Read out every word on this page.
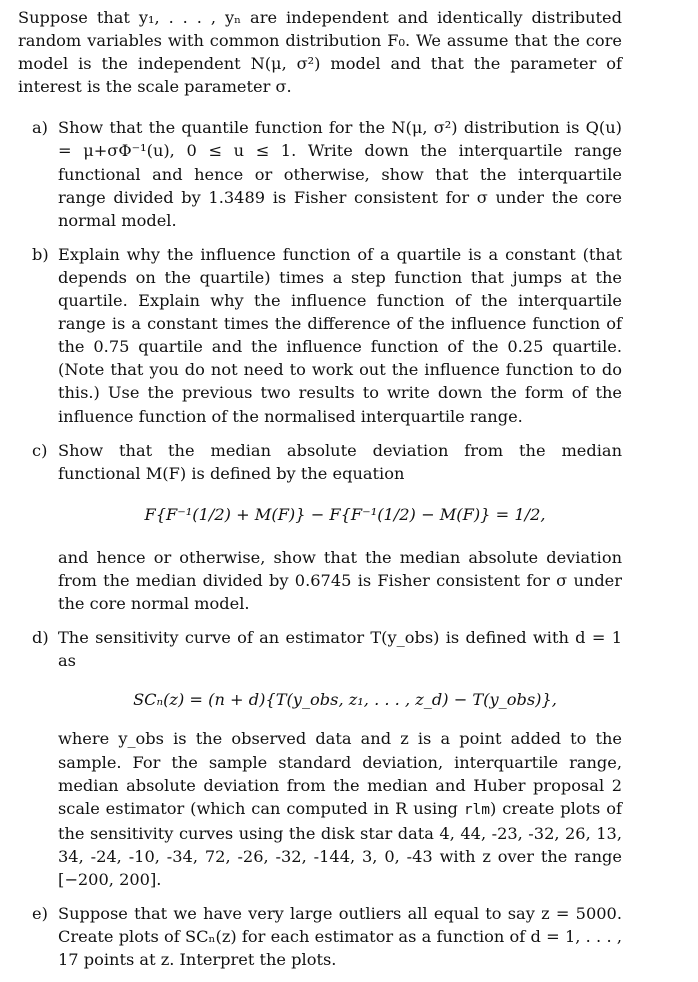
Suppose that y₁, . . . , yₙ are independent and identically distributed random variables with common distribution F₀. We assume that the core model is the independent N(μ, σ²) model and that the parameter of interest is the scale parameter σ.

a) Show that the quantile function for the N(μ, σ²) distribution is Q(u) = μ+σΦ⁻¹(u), 0 ≤ u ≤ 1. Write down the interquartile range functional and hence or otherwise, show that the interquartile range divided by 1.3489 is Fisher consistent for σ under the core normal model.

b) Explain why the influence function of a quartile is a constant (that depends on the quartile) times a step function that jumps at the quartile. Explain why the influence function of the interquartile range is a constant times the difference of the influence function of the 0.75 quartile and the influence function of the 0.25 quartile. (Note that you do not need to work out the influence function to do this.) Use the previous two results to write down the form of the influence function of the normalised interquartile range.

c) Show that the median absolute deviation from the median functional M(F) is defined by the equation

F{F⁻¹(1/2) + M(F)} − F{F⁻¹(1/2) − M(F)} = 1/2,

and hence or otherwise, show that the median absolute deviation from the median divided by 0.6745 is Fisher consistent for σ under the core normal model.

d) The sensitivity curve of an estimator T(y_obs) is defined with d = 1 as

SCₙ(z) = (n + d){T(y_obs, z₁, . . . , z_d) − T(y_obs)},

where y_obs is the observed data and z is a point added to the sample. For the sample standard deviation, interquartile range, median absolute deviation from the median and Huber proposal 2 scale estimator (which can computed in R using rlm) create plots of the sensitivity curves using the disk star data 4, 44, -23, -32, 26, 13, 34, -24, -10, -34, 72, -26, -32, -144, 3, 0, -43 with z over the range [−200, 200].

e) Suppose that we have very large outliers all equal to say z = 5000. Create plots of SCₙ(z) for each estimator as a function of d = 1, . . . , 17 points at z. Interpret the plots.
